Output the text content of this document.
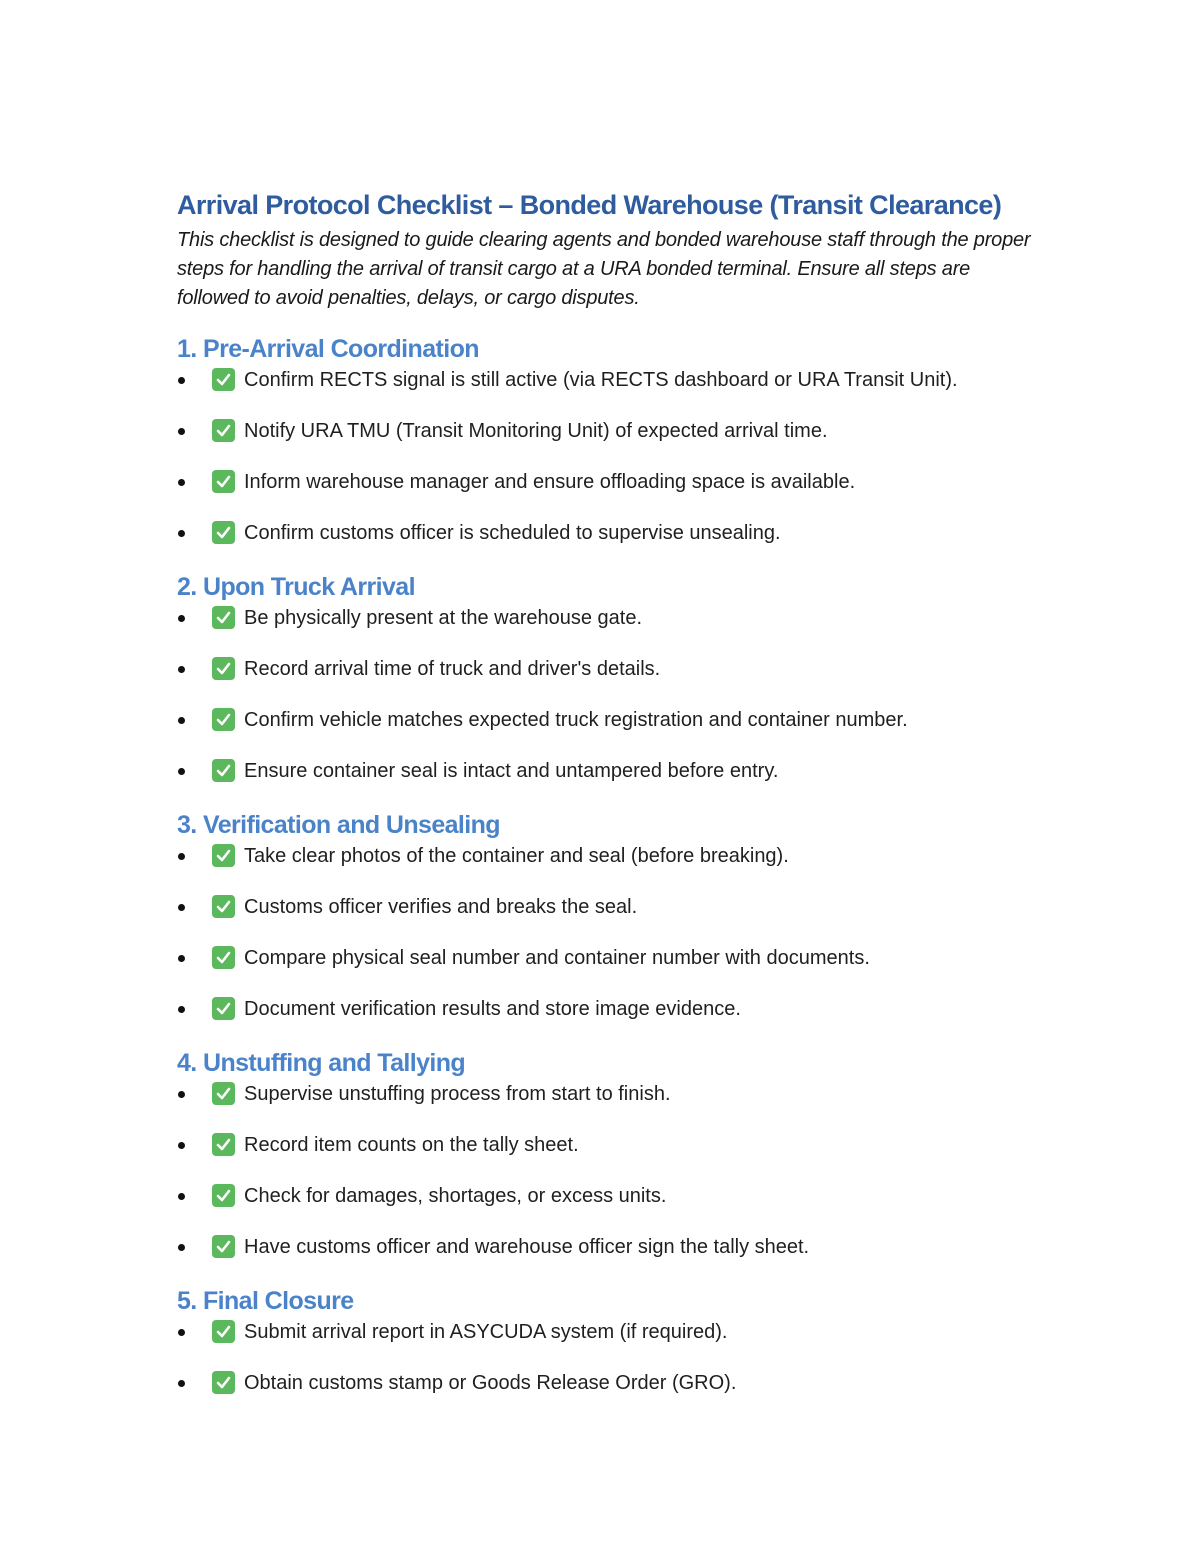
Arrival Protocol Checklist – Bonded Warehouse (Transit Clearance)

This checklist is designed to guide clearing agents and bonded warehouse staff through the proper steps for handling the arrival of transit cargo at a URA bonded terminal. Ensure all steps are followed to avoid penalties, delays, or cargo disputes.

1. Pre-Arrival Coordination
Confirm RECTS signal is still active (via RECTS dashboard or URA Transit Unit).
Notify URA TMU (Transit Monitoring Unit) of expected arrival time.
Inform warehouse manager and ensure offloading space is available.
Confirm customs officer is scheduled to supervise unsealing.
2. Upon Truck Arrival
Be physically present at the warehouse gate.
Record arrival time of truck and driver's details.
Confirm vehicle matches expected truck registration and container number.
Ensure container seal is intact and untampered before entry.
3. Verification and Unsealing
Take clear photos of the container and seal (before breaking).
Customs officer verifies and breaks the seal.
Compare physical seal number and container number with documents.
Document verification results and store image evidence.
4. Unstuffing and Tallying
Supervise unstuffing process from start to finish.
Record item counts on the tally sheet.
Check for damages, shortages, or excess units.
Have customs officer and warehouse officer sign the tally sheet.
5. Final Closure
Submit arrival report in ASYCUDA system (if required).
Obtain customs stamp or Goods Release Order (GRO).
